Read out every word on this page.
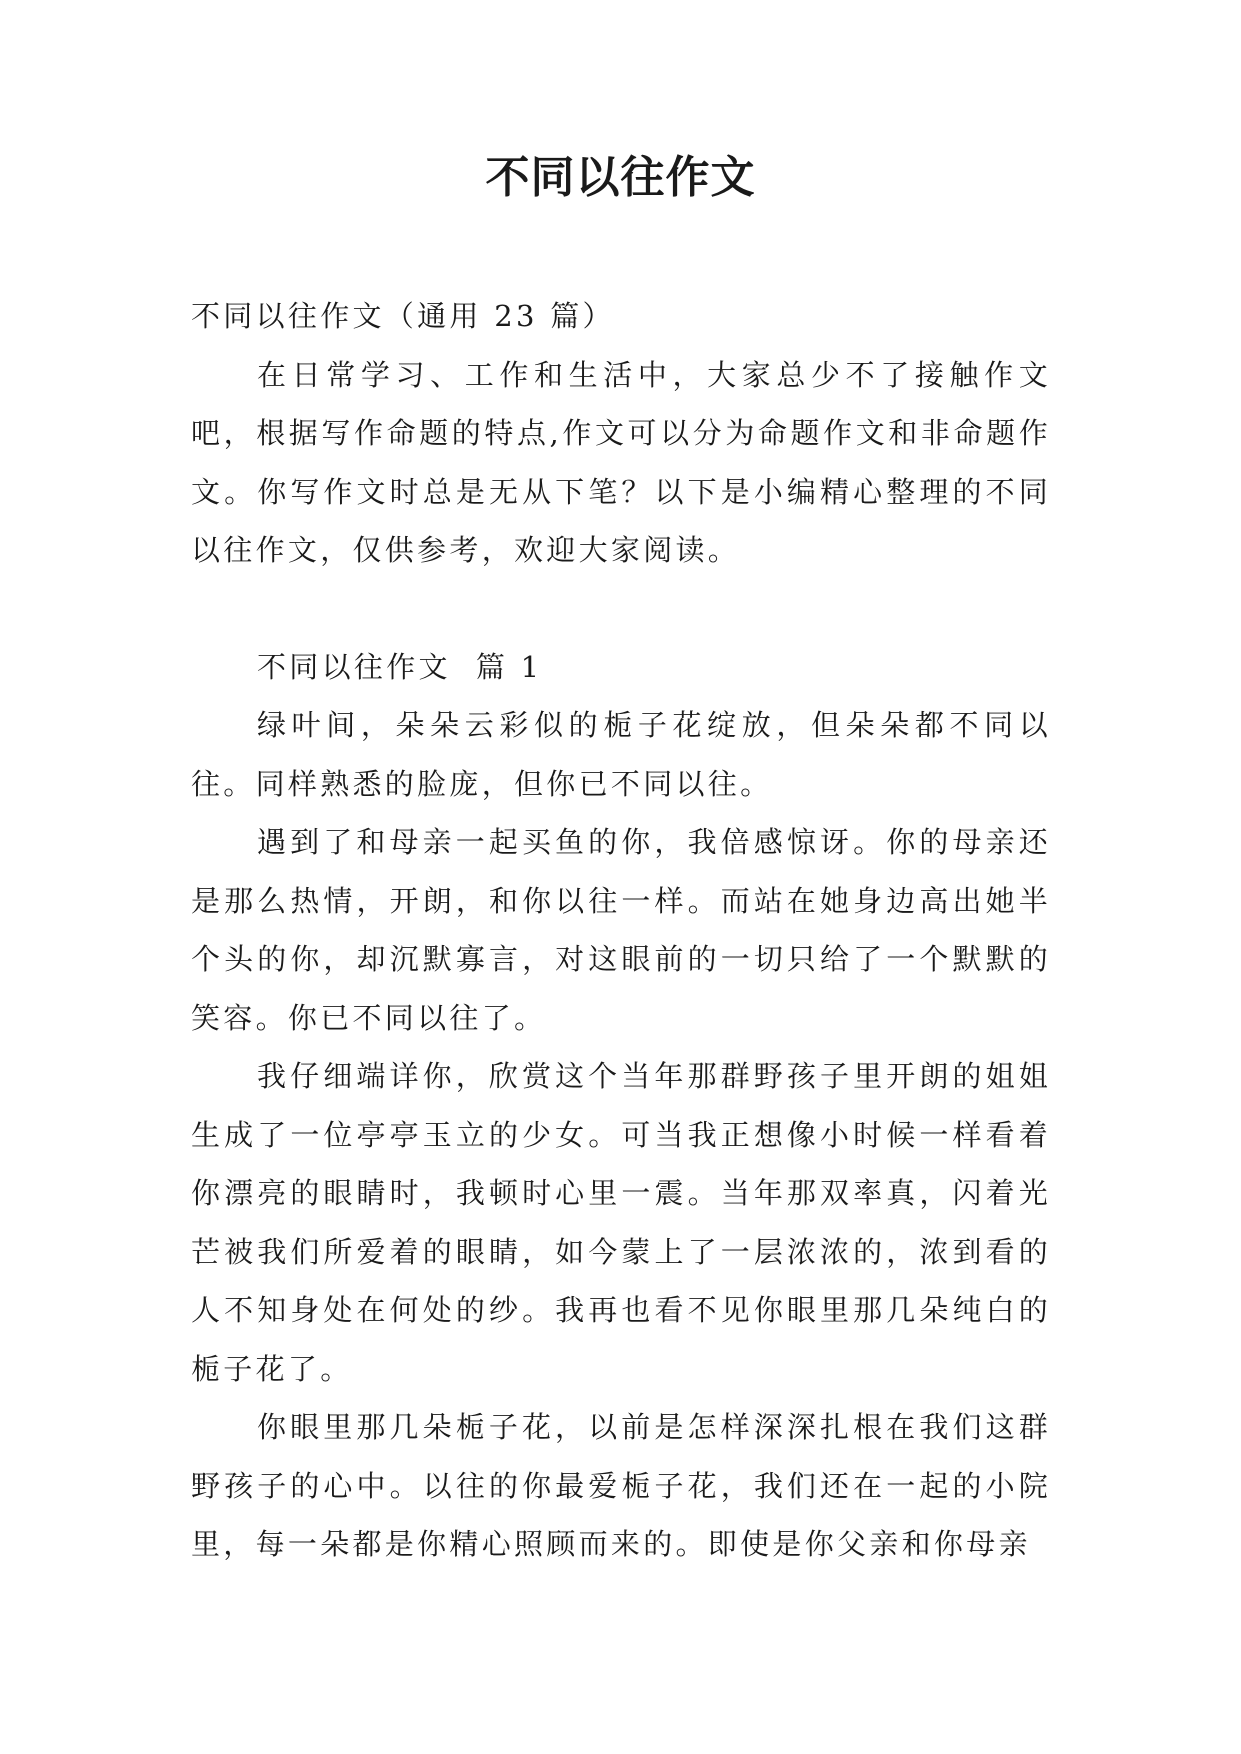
不同以往作文

不同以往作文（通用 23 篇）

在日常学习、工作和生活中，大家总少不了接触作文吧，根据写作命题的特点,作文可以分为命题作文和非命题作文。你写作文时总是无从下笔？以下是小编精心整理的不同以往作文，仅供参考，欢迎大家阅读。

不同以往作文  篇 1

绿叶间，朵朵云彩似的栀子花绽放，但朵朵都不同以往。同样熟悉的脸庞，但你已不同以往。

遇到了和母亲一起买鱼的你，我倍感惊讶。你的母亲还是那么热情，开朗，和你以往一样。而站在她身边高出她半个头的你，却沉默寡言，对这眼前的一切只给了一个默默的笑容。你已不同以往了。

我仔细端详你，欣赏这个当年那群野孩子里开朗的姐姐生成了一位亭亭玉立的少女。可当我正想像小时候一样看着你漂亮的眼睛时，我顿时心里一震。当年那双率真，闪着光芒被我们所爱着的眼睛，如今蒙上了一层浓浓的，浓到看的人不知身处在何处的纱。我再也看不见你眼里那几朵纯白的栀子花了。

你眼里那几朵栀子花，以前是怎样深深扎根在我们这群野孩子的心中。以往的你最爱栀子花，我们还在一起的小院里，每一朵都是你精心照顾而来的。即使是你父亲和你母亲
